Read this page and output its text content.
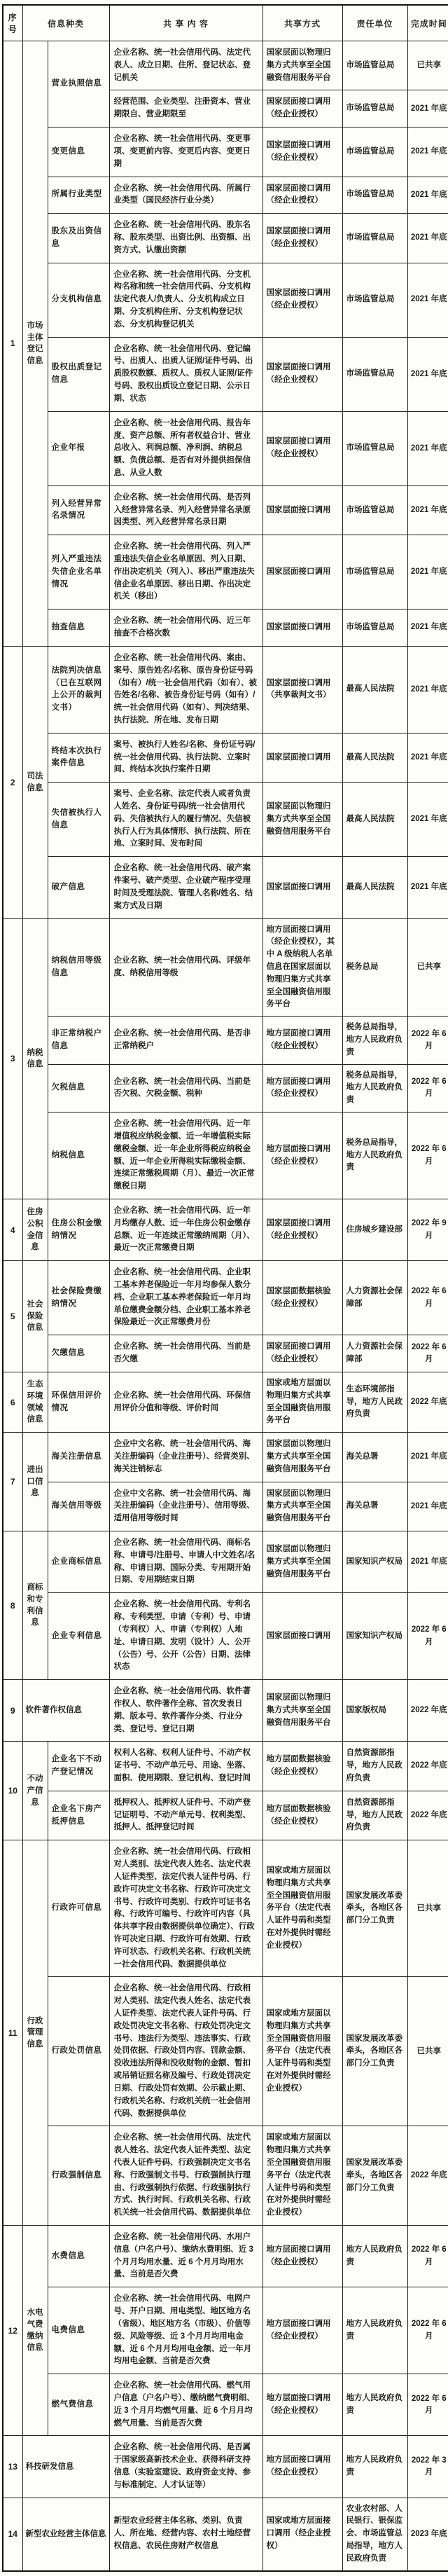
序号	信息种类		共 享 内 容	共享方式	责任单位	完成时间
1	市场主体登记信息	营业执照信息	企业名称、统一社会信用代码、法定代表人、成立日期、住所、登记状态、登记机关	国家层面以物理归集方式共享至全国融资信用服务平台	市场监管总局	已共享
			经营范围、企业类型、注册资本、营业期限自、营业期限至	国家层面接口调用（经企业授权）	市场监管总局	2021 年底
		变更信息	企业名称、统一社会信用代码、变更事项、变更前内容、变更后内容、变更日期	国家层面接口调用（经企业授权）	市场监管总局	2021 年底
		所属行业类型	企业名称、统一社会信用代码、所属行业类型（国民经济行业分类）	国家层面接口调用（经企业授权）	市场监管总局	2021 年底
		股东及出资信息	企业名称、统一社会信用代码、股东名称、股东类型、出资比例、出资额、出资方式、认缴出资额	国家层面接口调用（经企业授权）	市场监管总局	2021 年底
		分支机构信息	企业名称、统一社会信用代码、分支机构名称和统一社会信用代码、分支机构法定代表人/负责人、分支机构成立日期、分支机构住所、分支机构登记状态、分支机构登记机关	国家层面接口调用（经企业授权）	市场监管总局	2021 年底
		股权出质登记信息	企业名称、统一社会信用代码、登记编号、出质人、出质人证照/证件号码、出质股权数额、质权人、质权人证照/证件号码、股权出质设立登记日期、公示日期、状态	国家层面接口调用（经企业授权）	市场监管总局	2021 年底
		企业年报	企业名称、统一社会信用代码、报告年度、资产总额、所有者权益合计、营业总收入、利润总额、净利润、纳税总额、负债总额、是否有对外提供担保信息、从业人数	国家层面接口调用（经企业授权）	市场监管总局	2021 年底
		列入经营异常名录情况	企业名称、统一社会信用代码、是否列入经营异常名录、列入经营异常名录原因类型、列入经营异常名录日期	国家层面接口调用	市场监管总局	2021 年底
		列入严重违法失信企业名单情况	企业名称、统一社会信用代码、列入严重违法失信企业名单原因、列入日期、作出决定机关（列入）、移出严重违法失信企业名单原因、移出日期、作出决定机关（移出）	国家层面接口调用	市场监管总局	2021 年底
		抽查信息	企业名称、统一社会信用代码、近三年抽查不合格次数	国家层面接口调用	市场监管总局	2021 年底
2	司法信息	法院判决信息（已在互联网上公开的裁判文书）	企业名称、统一社会信用代码、案由、案号、原告姓名/名称、原告身份证号码（如有）/统一社会信用代码（如有）、被告姓名/名称、被告身份证号码（如有）/统一社会信用代码（如有）、判决结果、执行法院、所在地、发布日期	国家层面接口调用（共享裁判文书）	最高人民法院	2021 年底
		终结本次执行案件信息	案号、被执行人姓名/名称、身份证号码/统一社会信用代码、执行法院、立案时间、终结本次执行案件日期	国家层面接口调用	最高人民法院	2021 年底
		失信被执行人信息	案号、企业名称、法定代表人或者负责人姓名、身份证号码/统一社会信用代码、失信被执行人的履行情况、失信被执行人行为具体情形、执行法院、所在地、立案时间、发布时间	国家层面以物理归集方式共享至全国融资信用服务平台	最高人民法院	2021 年底
		破产信息	企业名称、统一社会信用代码、破产案件案号、破产类型、企业破产程序受理时间及受理法院、管理人名称/姓名、结案方式及日期	国家层面接口调用	最高人民法院	2021 年底
3	纳税信息	纳税信用等级信息	企业名称、统一社会信用代码、评级年度、纳税信用等级	地方层面接口调用（经企业授权），其中 A 级纳税人名单信息在国家层面以物理归集方式共享至全国融资信用服务平台	税务总局	已共享
		非正常纳税户信息	企业名称、统一社会信用代码、是否非正常纳税户	地方层面接口调用（经企业授权）	税务总局指导，地方人民政府负责	2022 年 6 月
		欠税信息	企业名称、统一社会信用代码、当前是否欠税、欠税金额、税种	地方层面接口调用（经企业授权）	税务总局指导，地方人民政府负责	2022 年 6 月
		纳税信息	企业名称、统一社会信用代码、近一年增值税应纳税金额、近一年增值税实际缴税金额、近一年企业所得税应纳税金额、近一年企业所得税实际缴税金额、连续正常缴税周期（月）、最近一次正常缴税日期	地方层面接口调用（经企业授权）	税务总局指导，地方人民政府负责	2022 年 6 月
4	住房公积金信息	住房公积金缴纳情况	企业名称、统一社会信用代码、近一年月均缴存人数、近一年住房公积金缴存总额、近一年连续正常缴纳周期（月）、最近一次正常缴费日期	国家层面接口调用（经企业授权）	住房城乡建设部	2022 年 9 月
5	社会保险信息	社会保险费缴纳情况	企业名称、统一社会信用代码、企业职工基本养老保险近一年月均参保人数分档、企业职工基本养老保险近一年月均单位缴费金额分档、企业职工基本养老保险最近一次正常缴费月份	国家层面数据核验（经企业授权）	人力资源社会保障部	2022 年 6 月
		欠缴信息	企业名称、统一社会信用代码、当前是否欠缴	国家层面接口调用（经企业授权）	人力资源社会保障部	2022 年 6 月
6	生态环境领域信息	环保信用评价情况	企业名称、统一社会信用代码、环保信用评价分值和等级、评价时间	国家或地方层面以物理归集方式共享至全国融资信用服务平台	生态环境部指导，地方人民政府负责	2022 年底
7	进出口信息	海关注册信息	企业中文名称、统一社会信用代码、海关注册编码（企业注册号）、经营类别、海关注销标志	国家层面以物理归集方式共享至全国融资信用服务平台	海关总署	2021 年底
		海关信用等级	企业中文名称、统一社会信用代码、海关注册编码（企业注册号）、信用等级、适用信用等级时间	国家层面以物理归集方式共享至全国融资信用服务平台	海关总署	2021 年底
8	商标和专利信息	企业商标信息	企业名称、统一社会信用代码、商标名称、申请号/注册号、申请人中文姓名/名称、申请日期、国际分类、专用期开始日期、专用期结束日期	国家层面以物理归集方式共享至全国融资信用服务平台	国家知识产权局	2021 年底
		企业专利信息	企业名称、统一社会信用代码、专利名称、专利类型、申请（专利）号、申请（专利权）人、申请（专利权）人地址、申请日期、发明（设计）人、公开（公告）号、公开（公告）日期、法律状态	国家层面接口调用	国家知识产权局	2022 年 6 月
9	软件著作权信息		企业名称、统一社会信用代码、软件著作权人、软件著作全称、首次发表日期、版本号、软件著作分类、行业分类、登记号、登记日期	国家层面以物理归集方式共享至全国融资信用服务平台	国家版权局	2022 年底
10	不动产信息	企业名下不动产登记情况	权利人名称、权利人证件号、不动产权证书号、不动产单元号、用途、坐落、面积、使用期限、登记机构、登记时间	地方层面数据核验（经企业授权）	自然资源部指导，地方人民政府负责	2022 年底
		企业名下房产抵押信息	抵押权人、抵押权人证件号、不动产登记证明号、不动产单元号、权利类型、抵押人、抵押登记时间	地方层面数据核验（经企业授权）	自然资源部指导，地方人民政府负责	2022 年底
11	行政管理信息	行政许可信息	企业名称、统一社会信用代码、行政相对人类别、法定代表人姓名、法定代表人证件类型、法定代表人证件号码、行政许可决定文书名称、行政许可决定文书号、行政许可类别、行政许可证书名称、行政许可编号、行政许可内容（具体共享字段由数据提供单位确定）、行政许可决定日期、行政许可有效期、行政许可状态、行政机关名称、行政机关统一社会信用代码、数据提供单位	国家或地方层面以物理归集方式共享至全国融资信用服务平台（法定代表人证件号码和类型在对外提供时需经企业授权）	国家发展改革委牵头，各地区各部门分工负责	已共享
		行政处罚信息	企业名称、统一社会信用代码、行政相对人类别、法定代表人姓名、法定代表人证件类型、法定代表人证件号码、行政处罚决定文书名称、行政处罚决定文书号、违法行为类型、违法事实、行政处罚依据、行政处罚内容、罚款金额、没收违法所得和没收财物的金额、暂扣或吊销证照名称及编号、行政处罚决定日期、行政处罚有效期、公示截止期、行政机关名称、行政机关统一社会信用代码、数据提供单位	国家或地方层面以物理归集方式共享至全国融资信用服务平台（法定代表人证件号码和类型在对外提供时需经企业授权）	国家发展改革委牵头，各地区各部门分工负责	已共享
		行政强制信息	企业名称、统一社会信用代码、法定代表人姓名、法定代表人证件类型、法定代表人证件号码、行政强制决定文书名称、行政强制文书号、行政强制执行理由、行政强制执行依据、行政强制执行方式、执行时间、行政机关名称、行政机关统一社会信用代码、数据提供单位	国家或地方层面以物理归集方式共享至全国融资信用服务平台（法定代表人证件号码和类型在对外提供时需经企业授权）	国家发展改革委牵头，各地区各部门分工负责	2022 年底
12	水电气费缴纳信息	水费信息	企业名称、统一社会信用代码、水用户信息（户名户号）、缴纳水费明细、近 3 个月月均用水量、近 6 个月月均用水量、当前是否欠费	地方层面接口调用（经企业授权）	地方人民政府负责	2022 年 6 月
		电费信息	企业名称、统一社会信用代码、电网户号、开户日期、用电类型、地区地方名（省级）、地区地方名（市级）、价值等级、风险等级、近 3 个月月均用电金额、近 6 个月月均用电金额、近一年月均用电金额、当前是否欠费	地方层面接口调用（经企业授权）	地方人民政府负责	2022 年 6 月
		燃气费信息	企业名称、统一社会信用代码、燃气用户信息（户名户号）、缴纳燃气费明细、近 3 个月月均燃气用量、近 6 个月月均燃气用量、当前是否欠费	地方层面接口调用（经企业授权）	地方人民政府负责	2022 年 6 月
13	科技研发信息		企业名称、统一社会信用代码、是否属于国家级高新技术企业、获得科研支持信息（实验室建设、政府资金支持、参与标准制定、人才认证等）	地方层面接口调用（经企业授权）	地方人民政府负责	2022 年 3 月
14	新型农业经营主体信息		新型农业经营主体名称、类别、负责人、所在地、经营内容、农村土地经营权信息、农民住房财产权信息	国家或地方层面接口调用（经企业授权）	农业农村部、人民银行、银保监会、市场监管总局指导，地方人民政府负责	2023 年底
